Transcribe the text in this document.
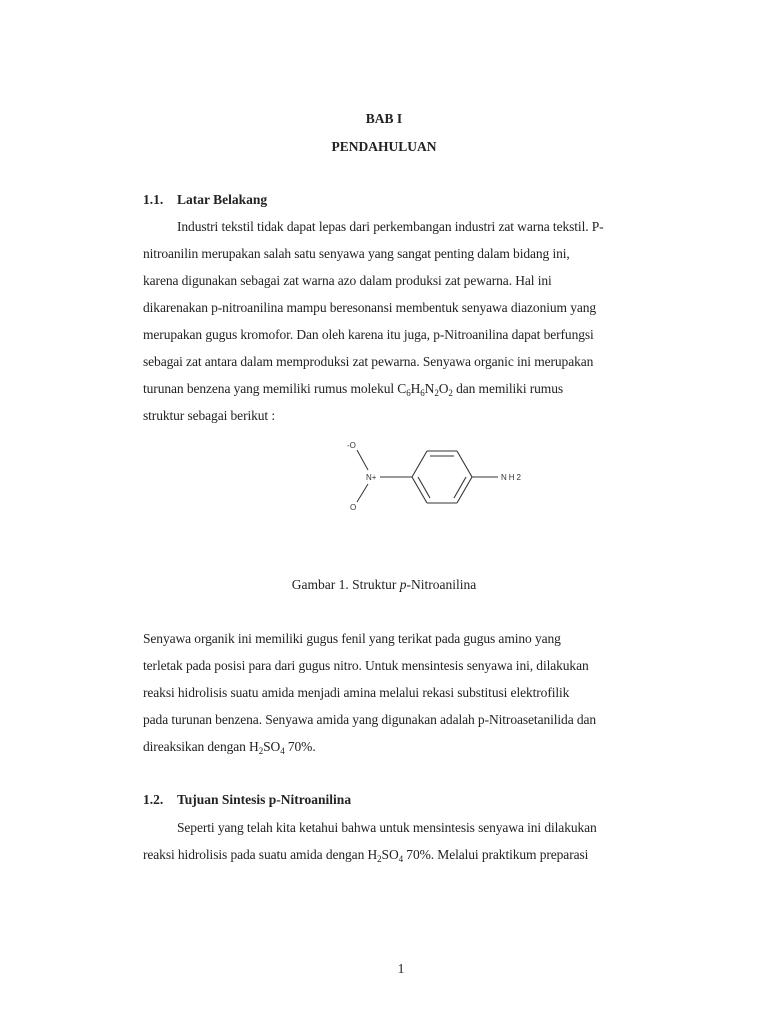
BAB I
PENDAHULUAN
1.1. Latar Belakang
Industri tekstil tidak dapat lepas dari perkembangan industri zat warna tekstil. P-
nitroanilin merupakan salah satu senyawa yang sangat penting dalam bidang ini,
karena digunakan sebagai zat warna azo dalam produksi zat pewarna. Hal ini
dikarenakan p-nitroanilina mampu beresonansi membentuk senyawa diazonium yang
merupakan gugus kromofor. Dan oleh karena itu juga, p-Nitroanilina dapat berfungsi
sebagai zat antara dalam memproduksi zat pewarna. Senyawa organic ini merupakan
turunan benzena yang memiliki rumus molekul $C_6H_6N_2O_2$ dan memiliki rumus
struktur sebagai berikut :
-O
N+
O
NH2
Gambar 1. Struktur p-Nitroanilina
Senyawa organik ini memiliki gugus fenil yang terikat pada gugus amino yang
terletak pada posisi para dari gugus nitro. Untuk mensintesis senyawa ini, dilakukan
reaksi hidrolisis suatu amida menjadi amina melalui rekasi substitusi elektrofilik
pada turunan benzena. Senyawa amida yang digunakan adalah p-Nitroasetanilida dan
direaksikan dengan $H_2SO_4$ 70%.
1.2. Tujuan Sintesis p-Nitroanilina
Seperti yang telah kita ketahui bahwa untuk mensintesis senyawa ini dilakukan
reaksi hidrolisis pada suatu amida dengan $H_2SO_4$ 70%. Melalui praktikum preparasi
1
